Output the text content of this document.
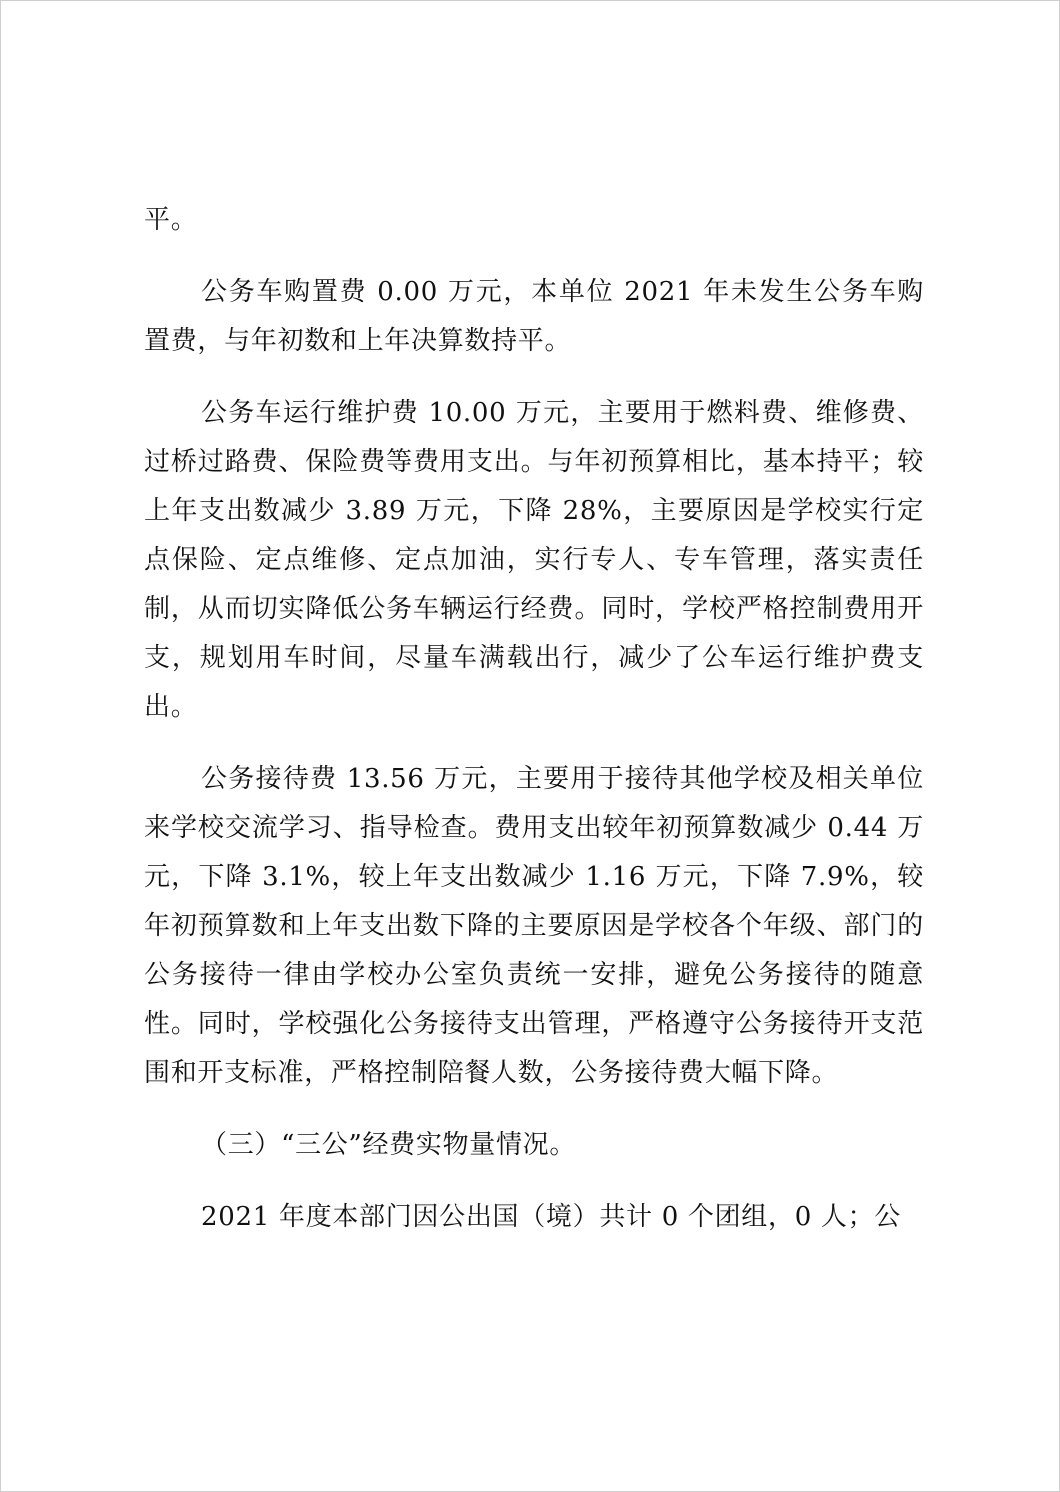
平。

公务车购置费 0.00 万元，本单位 2021 年未发生公务车购置费，与年初数和上年决算数持平。

公务车运行维护费 10.00 万元，主要用于燃料费、维修费、过桥过路费、保险费等费用支出。与年初预算相比，基本持平；较上年支出数减少 3.89 万元，下降 28%，主要原因是学校实行定点保险、定点维修、定点加油，实行专人、专车管理，落实责任制，从而切实降低公务车辆运行经费。同时，学校严格控制费用开支，规划用车时间，尽量车满载出行，减少了公车运行维护费支出。

公务接待费 13.56 万元，主要用于接待其他学校及相关单位来学校交流学习、指导检查。费用支出较年初预算数减少 0.44 万元，下降 3.1%，较上年支出数减少 1.16 万元，下降 7.9%，较年初预算数和上年支出数下降的主要原因是学校各个年级、部门的公务接待一律由学校办公室负责统一安排，避免公务接待的随意性。同时，学校强化公务接待支出管理，严格遵守公务接待开支范围和开支标准，严格控制陪餐人数，公务接待费大幅下降。

（三）“三公”经费实物量情况。

2021 年度本部门因公出国（境）共计 0 个团组，0 人；公
